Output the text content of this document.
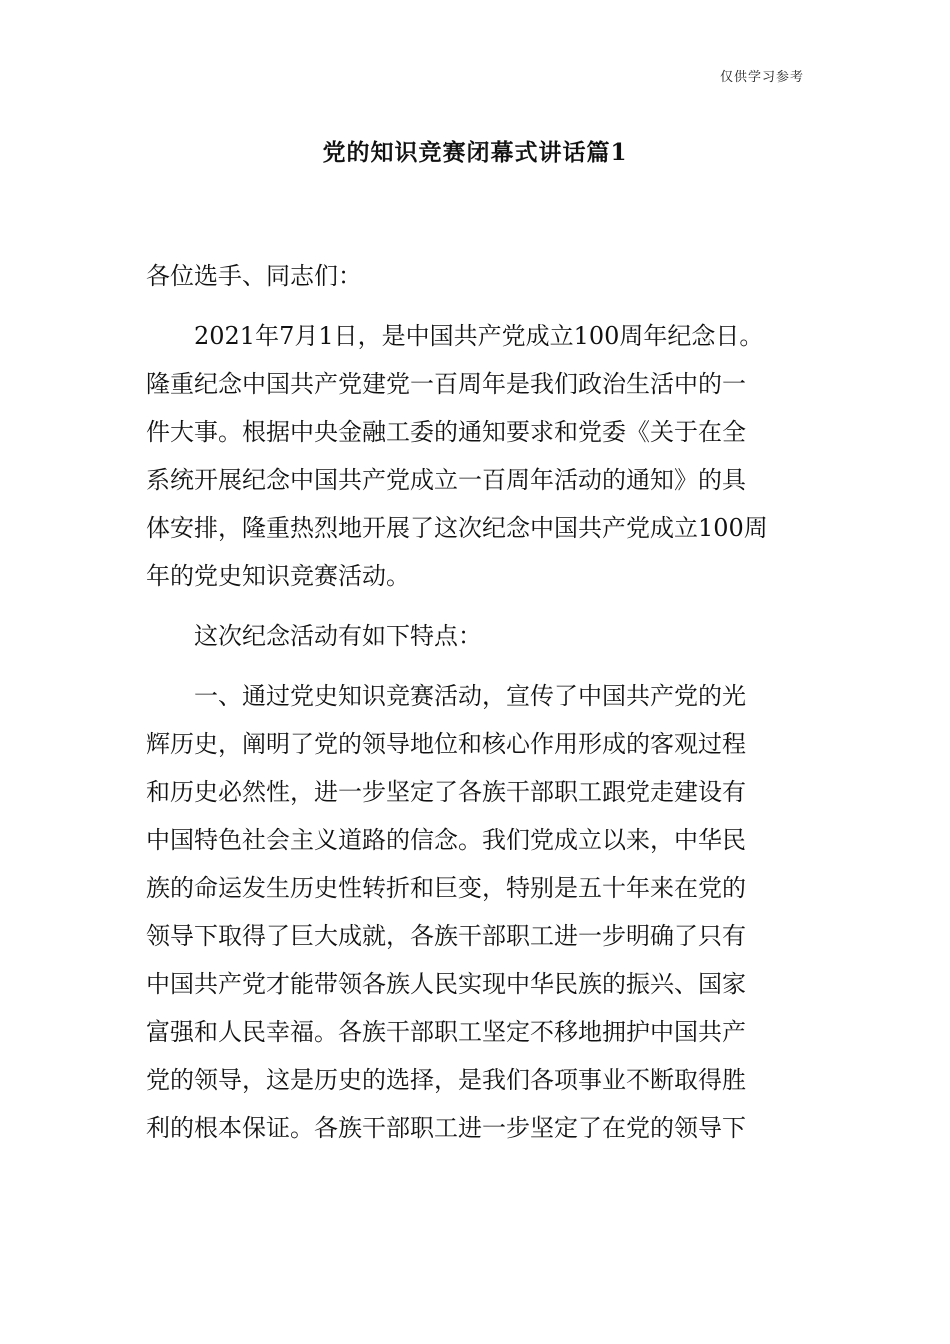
仅供学习参考
党的知识竞赛闭幕式讲话篇1

各位选手、同志们：

　　2021年7月1日，是中国共产党成立100周年纪念日。
隆重纪念中国共产党建党一百周年是我们政治生活中的一
件大事。根据中央金融工委的通知要求和党委《关于在全
系统开展纪念中国共产党成立一百周年活动的通知》的具
体安排，隆重热烈地开展了这次纪念中国共产党成立100周
年的党史知识竞赛活动。

　　这次纪念活动有如下特点：

　　一、通过党史知识竞赛活动，宣传了中国共产党的光
辉历史，阐明了党的领导地位和核心作用形成的客观过程
和历史必然性，进一步坚定了各族干部职工跟党走建设有
中国特色社会主义道路的信念。我们党成立以来，中华民
族的命运发生历史性转折和巨变，特别是五十年来在党的
领导下取得了巨大成就，各族干部职工进一步明确了只有
中国共产党才能带领各族人民实现中华民族的振兴、国家
富强和人民幸福。各族干部职工坚定不移地拥护中国共产
党的领导，这是历史的选择，是我们各项事业不断取得胜
利的根本保证。各族干部职工进一步坚定了在党的领导下
